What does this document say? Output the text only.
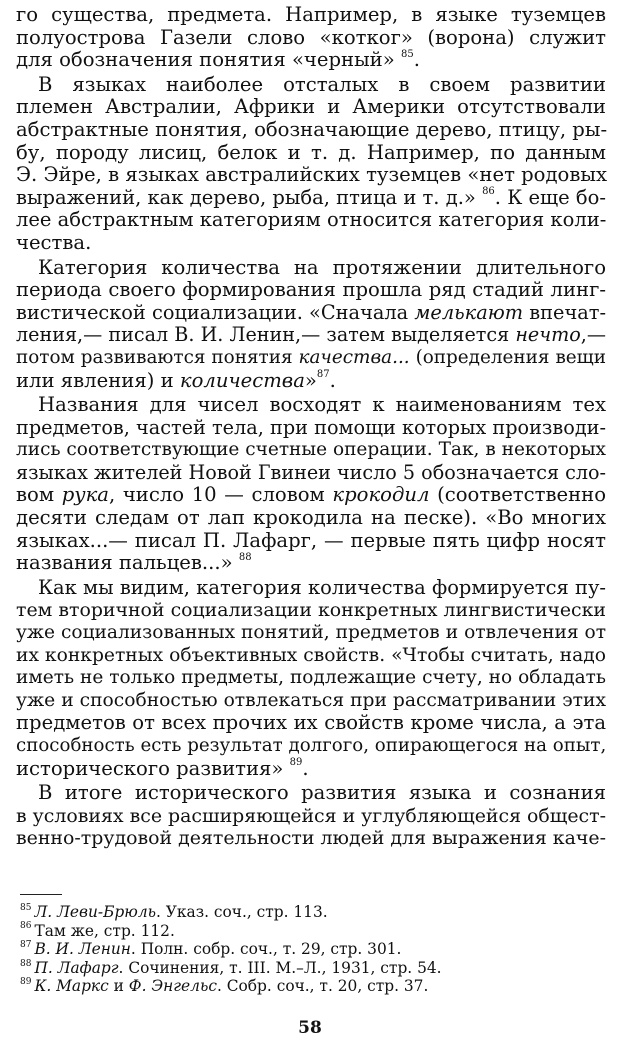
го существа, предмета. Например, в языке туземцев
полуострова Газели слово «котког» (ворона) служит
для обозначения понятия «черный» $^{85}$.
В языках наиболее отсталых в своем развитии
племен Австралии, Африки и Америки отсутствовали
абстрактные понятия, обозначающие дерево, птицу, ры-
бу, породу лисиц, белок и т. д. Например, по данным
Э. Эйре, в языках австралийских туземцев «нет родовых
выражений, как дерево, рыба, птица и т. д.» $^{86}$. К еще бо-
лее абстрактным категориям относится категория коли-
чества.
Категория количества на протяжении длительного
периода своего формирования прошла ряд стадий линг-
вистической социализации. «Сначала мелькают впечат-
ления,— писал В. И. Ленин,— затем выделяется нечто,—
потом развиваются понятия качества... (определения вещи
или явления) и количества»$^{87}$.
Названия для чисел восходят к наименованиям тех
предметов, частей тела, при помощи которых производи-
лись соответствующие счетные операции. Так, в некоторых
языках жителей Новой Гвинеи число 5 обозначается сло-
вом рука, число 10 — словом крокодил (соответственно
десяти следам от лап крокодила на песке). «Во многих
языках...— писал П. Лафарг, — первые пять цифр носят
названия пальцев...» $^{88}$
Как мы видим, категория количества формируется пу-
тем вторичной социализации конкретных лингвистически
уже социализованных понятий, предметов и отвлечения от
их конкретных объективных свойств. «Чтобы считать, надо
иметь не только предметы, подлежащие счету, но обладать
уже и способностью отвлекаться при рассматривании этих
предметов от всех прочих их свойств кроме числа, а эта
способность есть результат долгого, опирающегося на опыт,
исторического развития» $^{89}$.
В итоге исторического развития языка и сознания
в условиях все расширяющейся и углубляющейся общест-
венно-трудовой деятельности людей для выражения каче-
$^{85}$ Л. Леви-Брюль. Указ. соч., стр. 113.
$^{86}$ Там же, стр. 112.
$^{87}$ В. И. Ленин. Полн. собр. соч., т. 29, стр. 301.
$^{88}$ П. Лафарг. Сочинения, т. III. М.–Л., 1931, стр. 54.
$^{89}$ К. Маркс и Ф. Энгельс. Собр. соч., т. 20, стр. 37.
58
